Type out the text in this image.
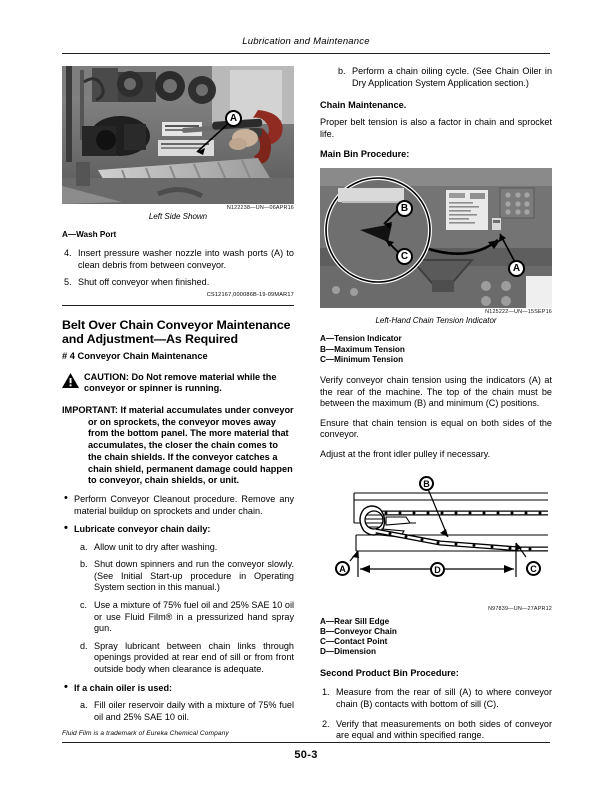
Lubrication and Maintenance
A
N122238—UN—06APR16
Left Side Shown
A—Wash Port
4. Insert pressure washer nozzle into wash ports (A) to clean debris from between conveyor.
5. Shut off conveyor when finished.
CS12167,000086B-19-09MAR17
Belt Over Chain Conveyor Maintenance and Adjustment—As Required
# 4 Conveyor Chain Maintenance
CAUTION: Do Not remove material while the conveyor or spinner is running.
IMPORTANT: If material accumulates under conveyor or on sprockets, the conveyor moves away from the bottom panel. The more material that accumulates, the closer the chain comes to the chain shields. If the conveyor catches a chain shield, permanent damage could happen to conveyor, chain shields, or unit.
• Perform Conveyor Cleanout procedure. Remove any material buildup on sprockets and under chain.
• Lubricate conveyor chain daily:
a. Allow unit to dry after washing.
b. Shut down spinners and run the conveyor slowly. (See Initial Start-up procedure in Operating System section in this manual.)
c. Use a mixture of 75% fuel oil and 25% SAE 10 oil or use Fluid Film® in a pressurized hand spray gun.
d. Spray lubricant between chain links through openings provided at rear end of sill or from front outside body when clearance is adequate.
• If a chain oiler is used:
a. Fill oiler reservoir daily with a mixture of 75% fuel oil and 25% SAE 10 oil.
b. Perform a chain oiling cycle. (See Chain Oiler in Dry Application System Application section.)
Chain Maintenance.
Proper belt tension is also a factor in chain and sprocket life.
Main Bin Procedure:
B
C
A
N125222—UN—15SEP16
Left-Hand Chain Tension Indicator
A—Tension Indicator
B—Maximum Tension
C—Minimum Tension
Verify conveyor chain tension using the indicators (A) at the rear of the machine. The top of the chain must be between the maximum (B) and minimum (C) positions.
Ensure that chain tension is equal on both sides of the conveyor.
Adjust at the front idler pulley if necessary.
B
A	D	C
N97839—UN—27APR12
A—Rear Sill Edge
B—Conveyor Chain
C—Contact Point
D—Dimension
Second Product Bin Procedure:
1. Measure from the rear of sill (A) to where conveyor chain (B) contacts with bottom of sill (C).
2. Verify that measurements on both sides of conveyor are equal and within specified range.
Fluid Film is a trademark of Eureka Chemical Company
50-3
